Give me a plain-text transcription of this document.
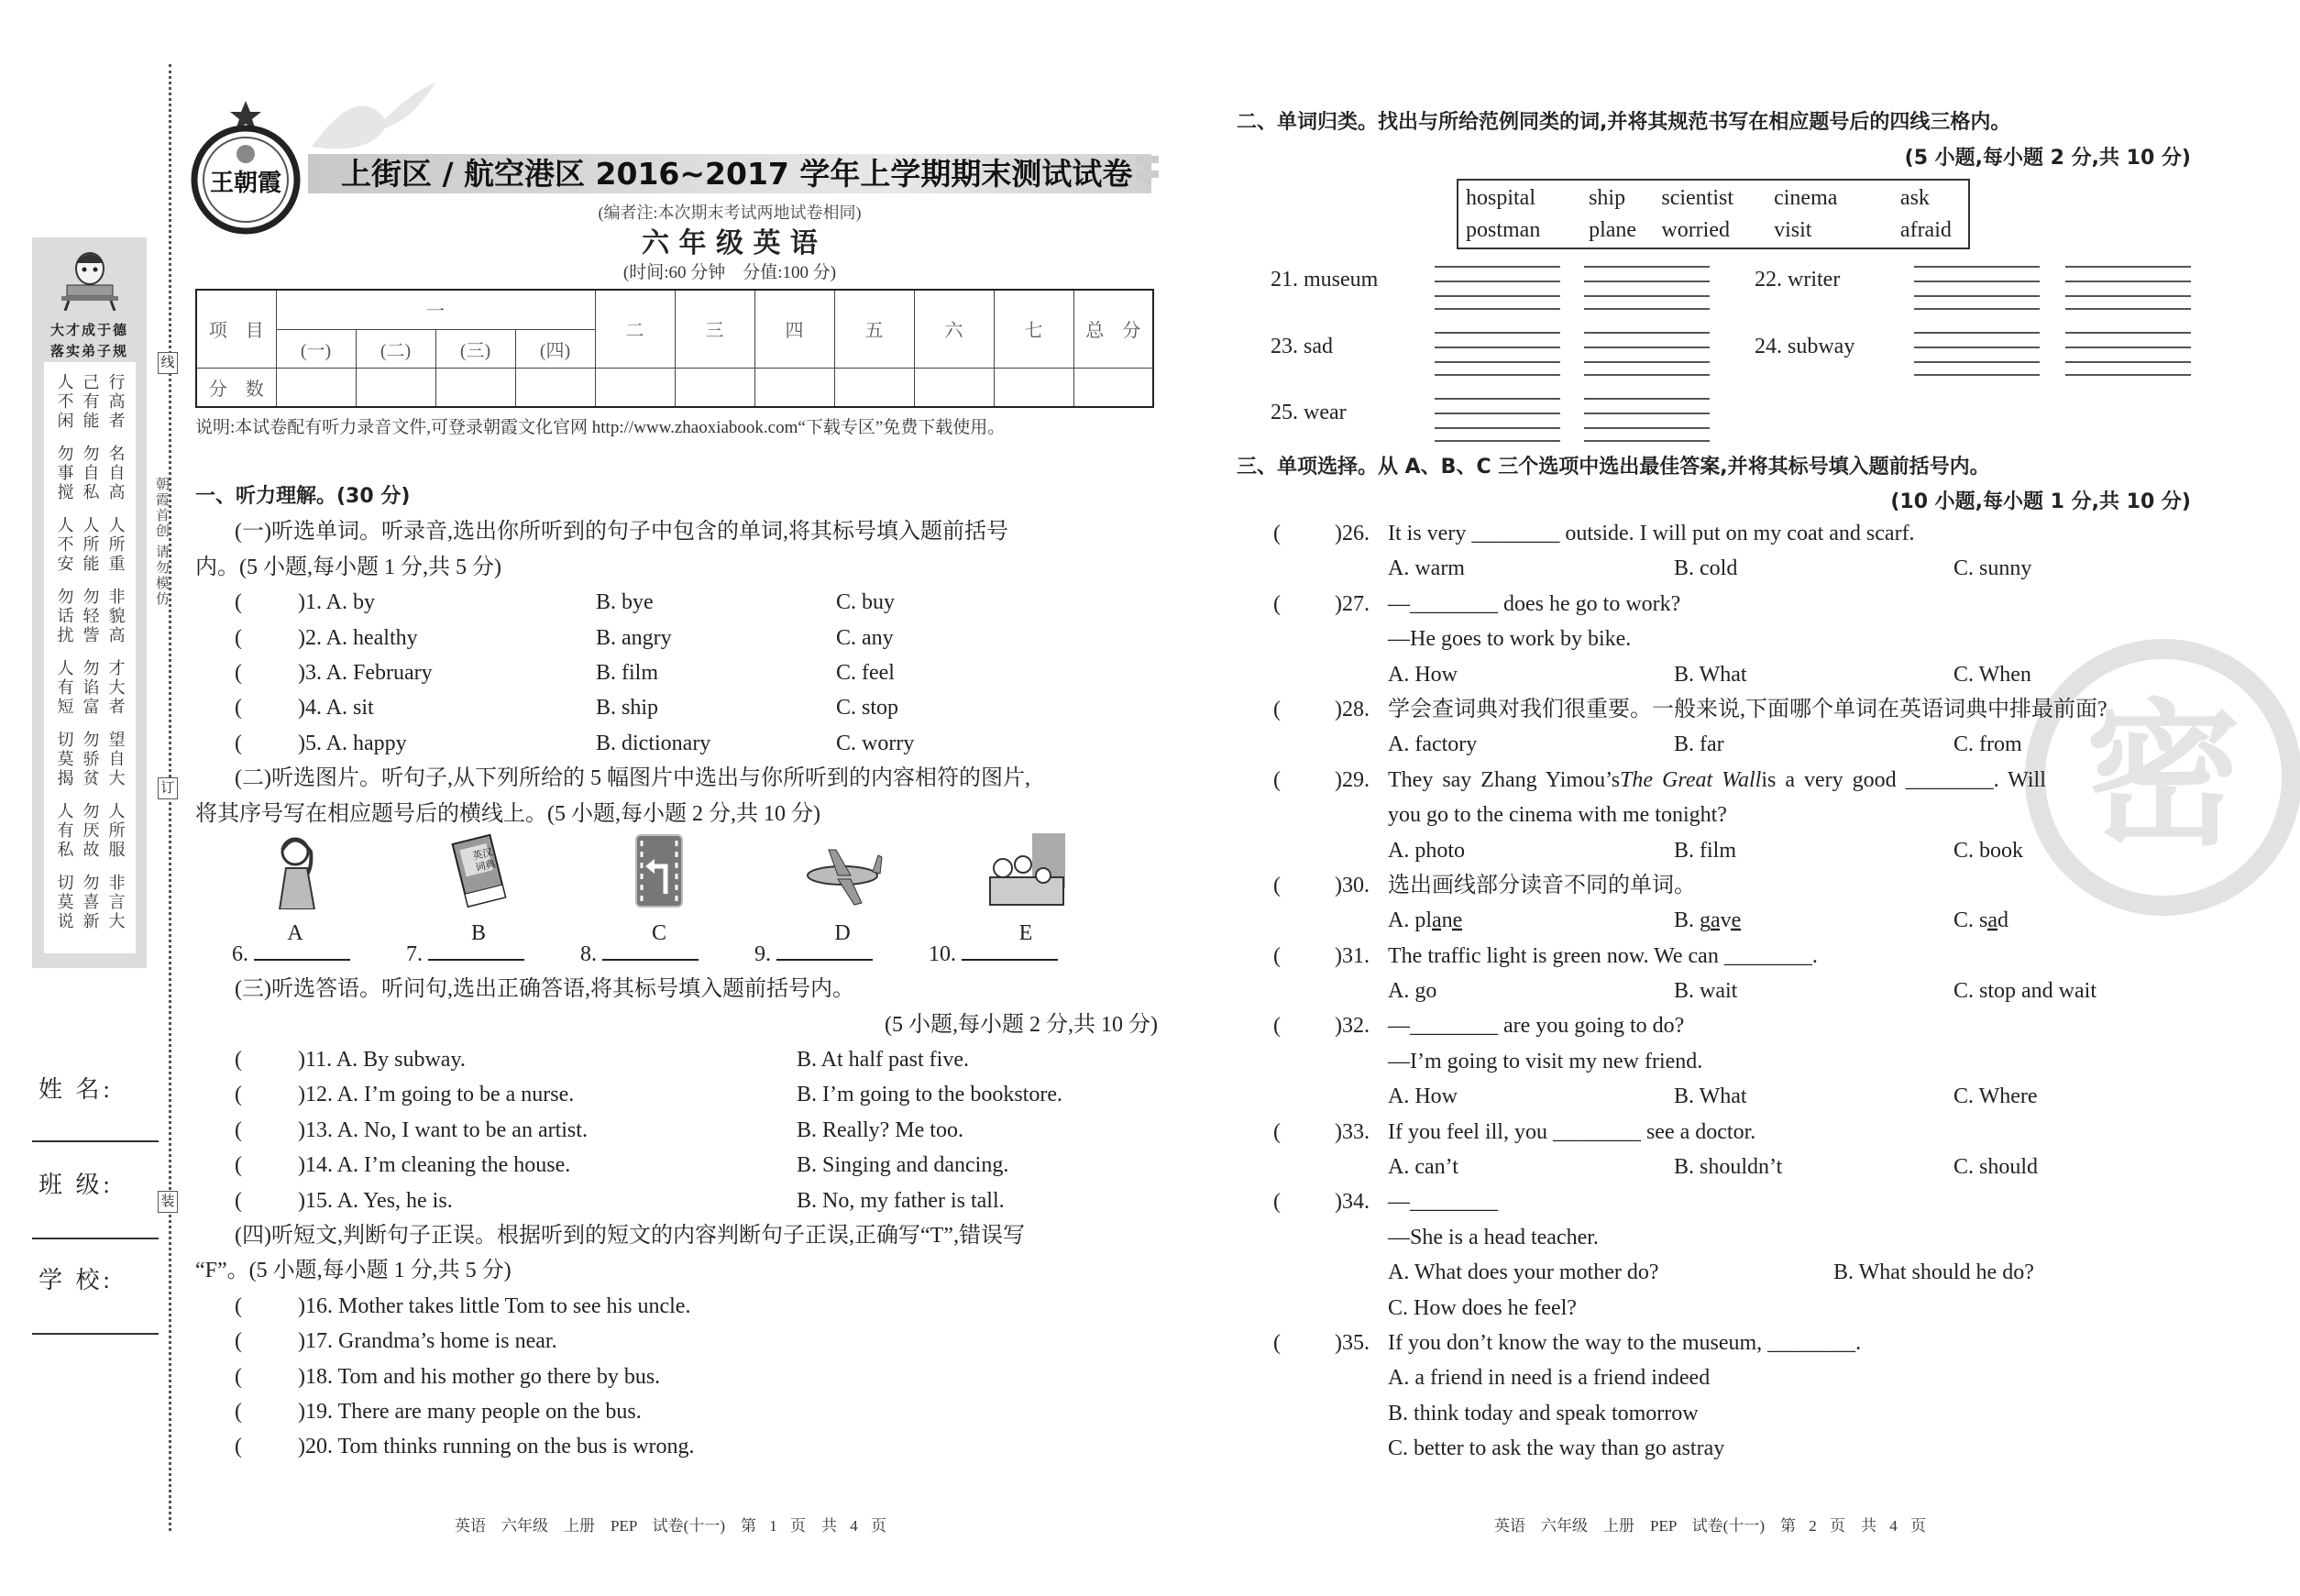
大才成于德
落实弟子规
人不闲 己有能 行高者
勿事搅 勿自私 名自高
人不安 人所能 人所重
勿话扰 勿轻訾 非貌高
人有短 勿谄富 才大者
切莫揭 勿骄贫 望自大
人有私 勿厌故 人所服
切莫说 勿喜新 非言大
线
订
装
朝霞首创 请勿模仿
姓 名:
班 级:
学 校:
王朝霞	上街区 / 航空港区 2016~2017 学年上学期期末测试试卷
(编者注:本次期末考试两地试卷相同)
六 年 级 英 语
(时间:60 分钟　分值:100 分)
项　目	一				二	三	四	五	六	七	总　分
	(一)	(二)	(三)	(四)							
分　数											
说明:本试卷配有听力录音文件,可登录朝霞文化官网 http://www.zhaoxiabook.com“下载专区”免费下载使用。
一、听力理解。(30 分)
(一)听选单词。听录音,选出你所听到的句子中包含的单词,将其标号填入题前括号
内。(5 小题,每小题 1 分,共 5 分)
(	)1. A. by	B. bye	C. buy
(	)2. A. healthy	B. angry	C. any
(	)3. A. February	B. film	C. feel
(	)4. A. sit	B. ship	C. stop
(	)5. A. happy	B. dictionary	C. worry
(二)听选图片。听句子,从下列所给的 5 幅图片中选出与你所听到的内容相符的图片,
将其序号写在相应题号后的横线上。(5 小题,每小题 2 分,共 10 分)
A
英汉词典
B	C	D	E
6.	7.	8.	9.	10.
(三)听选答语。听问句,选出正确答语,将其标号填入题前括号内。
(5 小题,每小题 2 分,共 10 分)
(	)11. A. By subway.	B. At half past five.
(	)12. A. I’m going to be a nurse.	B. I’m going to the bookstore.
(	)13. A. No, I want to be an artist.	B. Really? Me too.
(	)14. A. I’m cleaning the house.	B. Singing and dancing.
(	)15. A. Yes, he is.	B. No, my father is tall.
(四)听短文,判断句子正误。根据听到的短文的内容判断句子正误,正确写“T”,错误写
“F”。(5 小题,每小题 1 分,共 5 分)
(	)16. Mother takes little Tom to see his uncle.
(	)17. Grandma’s home is near.
(	)18. Tom and his mother go there by bus.
(	)19. There are many people on the bus.
(	)20. Tom thinks running on the bus is wrong.
英语　六年级　上册　PEP　试卷(十一)　第 1 页　共 4 页
密
二、单词归类。找出与所给范例同类的词,并将其规范书写在相应题号后的四线三格内。
(5 小题,每小题 2 分,共 10 分)
hospital	ship	scientist	cinema	ask
postman	plane	worried	visit	afraid
21. museum	22. writer
23. sad	24. subway
25. wear
三、单项选择。从 A、B、C 三个选项中选出最佳答案,并将其标号填入题前括号内。
(10 小题,每小题 1 分,共 10 分)
(	)26. It is very ________ outside. I will put on my coat and scarf.
A. warm	B. cold	C. sunny
(	)27. —________ does he go to work?
—He goes to work by bike.
A. How	B. What	C. When
(	)28. 学会查词典对我们很重要。一般来说,下面哪个单词在英语词典中排最前面?
A. factory	B. far	C. from
(	)29. They say Zhang Yimou’s The Great Wall is a very good ________. Will
you go to the cinema with me tonight?
A. photo	B. film	C. book
(	)30. 选出画线部分读音不同的单词。
A. plane	B. gave	C. sad
(	)31. The traffic light is green now. We can ________.
A. go	B. wait	C. stop and wait
(	)32. —________ are you going to do?
—I’m going to visit my new friend.
A. How	B. What	C. Where
(	)33. If you feel ill, you ________ see a doctor.
A. can’t	B. shouldn’t	C. should
(	)34. —________
—She is a head teacher.
A. What does your mother do?	B. What should he do?
C. How does he feel?
(	)35. If you don’t know the way to the museum, ________.
A. a friend in need is a friend indeed
B. think today and speak tomorrow
C. better to ask the way than go astray
英语　六年级　上册　PEP　试卷(十一)　第 2 页　共 4 页
